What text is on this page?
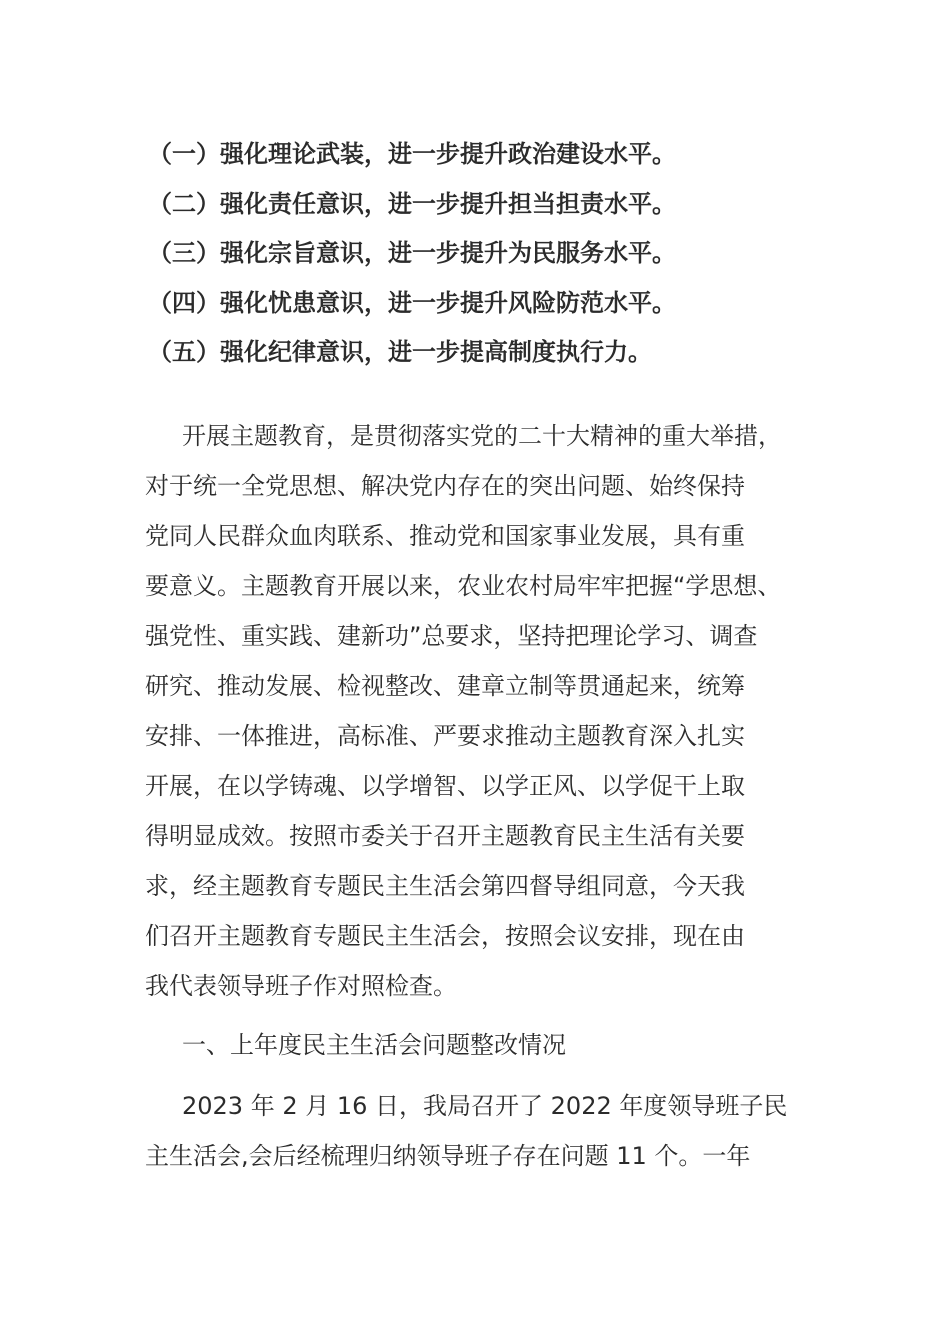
（一）强化理论武装，进一步提升政治建设水平。
（二）强化责任意识，进一步提升担当担责水平。
（三）强化宗旨意识，进一步提升为民服务水平。
（四）强化忧患意识，进一步提升风险防范水平。
（五）强化纪律意识，进一步提高制度执行力。
开展主题教育，是贯彻落实党的二十大精神的重大举措，
对于统一全党思想、解决党内存在的突出问题、始终保持
党同人民群众血肉联系、推动党和国家事业发展，具有重
要意义。主题教育开展以来，农业农村局牢牢把握“学思想、
强党性、重实践、建新功”总要求，坚持把理论学习、调查
研究、推动发展、检视整改、建章立制等贯通起来，统筹
安排、一体推进，高标准、严要求推动主题教育深入扎实
开展，在以学铸魂、以学增智、以学正风、以学促干上取
得明显成效。按照市委关于召开主题教育民主生活有关要
求，经主题教育专题民主生活会第四督导组同意，今天我
们召开主题教育专题民主生活会，按照会议安排，现在由
我代表领导班子作对照检查。
一、上年度民主生活会问题整改情况
2023 年 2 月 16 日，我局召开了 2022 年度领导班子民
主生活会,会后经梳理归纳领导班子存在问题 11 个。一年
